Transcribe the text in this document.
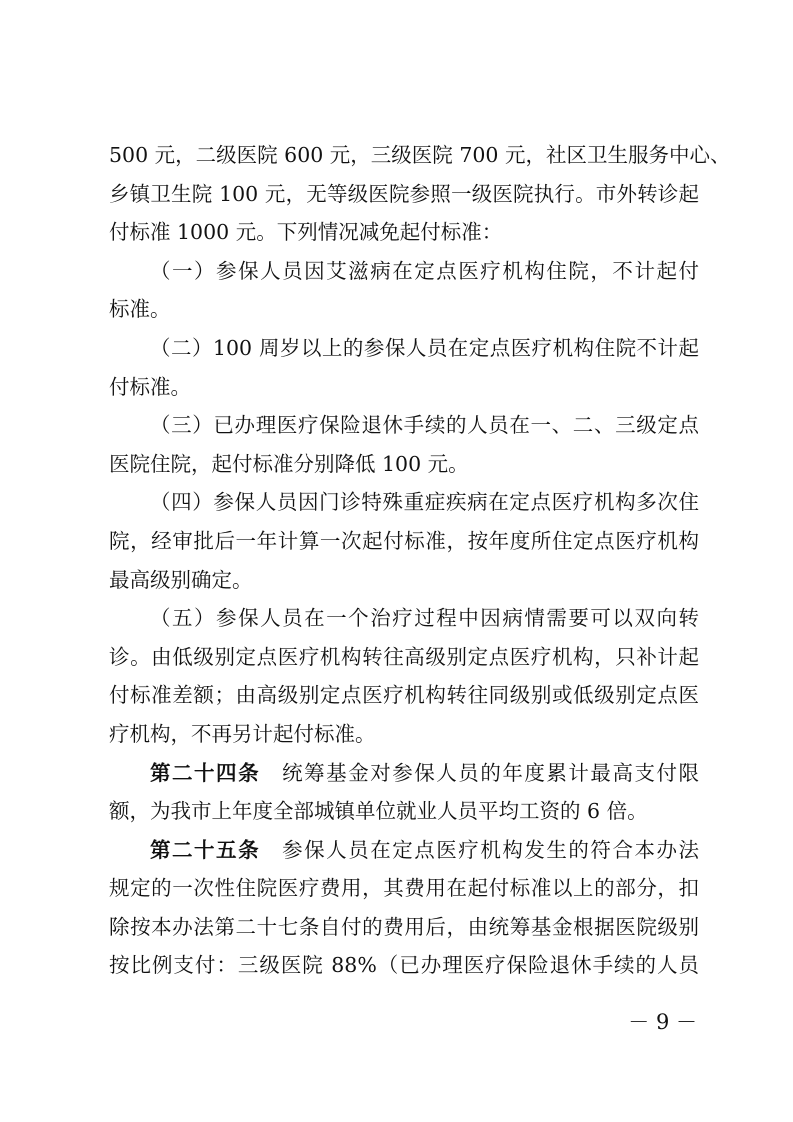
500 元，二级医院 600 元，三级医院 700 元，社区卫生服务中心、
乡镇卫生院 100 元，无等级医院参照一级医院执行。市外转诊起
付标准 1000 元。下列情况减免起付标准：
（一）参保人员因艾滋病在定点医疗机构住院，不计起付
标准。
（二）100 周岁以上的参保人员在定点医疗机构住院不计起
付标准。
（三）已办理医疗保险退休手续的人员在一、二、三级定点
医院住院，起付标准分别降低 100 元。
（四）参保人员因门诊特殊重症疾病在定点医疗机构多次住
院，经审批后一年计算一次起付标准，按年度所住定点医疗机构
最高级别确定。
（五）参保人员在一个治疗过程中因病情需要可以双向转
诊。由低级别定点医疗机构转往高级别定点医疗机构，只补计起
付标准差额；由高级别定点医疗机构转往同级别或低级别定点医
疗机构，不再另计起付标准。
第二十四条　统筹基金对参保人员的年度累计最高支付限
额，为我市上年度全部城镇单位就业人员平均工资的 6 倍。
第二十五条　参保人员在定点医疗机构发生的符合本办法
规定的一次性住院医疗费用，其费用在起付标准以上的部分，扣
除按本办法第二十七条自付的费用后，由统筹基金根据医院级别
按比例支付：三级医院 88%（已办理医疗保险退休手续的人员
－ 9 －
